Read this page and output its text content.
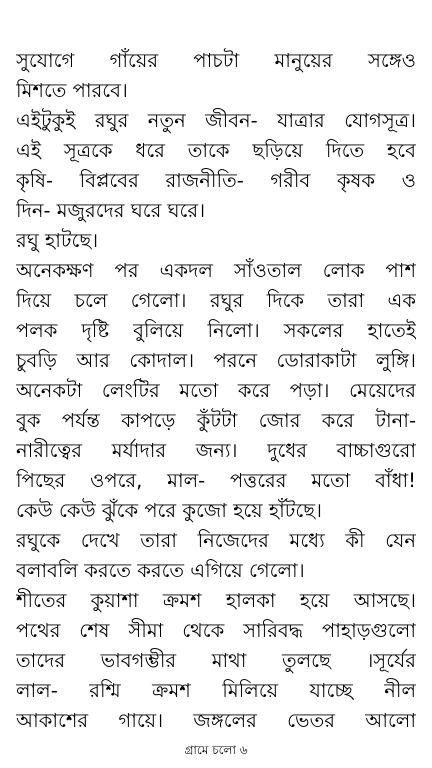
সুযোগে গাঁয়ের পাচটা মানুয়ের সঙ্গেও
মিশতে পারবে।
এইটুকুই রঘুর নতুন জীবন- যাত্রার যোগসূত্র।
এই সূত্রকে ধরে তাকে ছড়িয়ে দিতে হবে
কৃষি- বিপ্লবের রাজনীতি- গরীব কৃষক ও
দিন- মজুরদের ঘরে ঘরে।
রঘু হাটছে।
অনেকক্ষণ পর একদল সাঁওতাল লোক পাশ
দিয়ে চলে গেলো। রঘুর দিকে তারা এক
পলক দৃষ্টি বুলিয়ে নিলো। সকলের হাতেই
চুবড়ি আর কোদাল। পরনে ডোরাকাটা লুঙ্গি।
অনেকটা লেংটির মতো করে পড়া। মেয়েদের
বুক পর্যন্ত কাপড়ে কুঁটটা জোর করে টানা-
নারীত্বের মর্যাদার জন্য। দুধের বাচ্চাগুরো
পিছের ওপরে, মাল- পত্তরের মতো বাঁধা!
কেউ কেউ ঝুঁকে পরে কুজো হয়ে হাঁটছে।
রঘুকে দেখে তারা নিজেদের মধ্যে কী যেন
বলাবলি করতে করতে এগিয়ে গেলো।
শীতের কুয়াশা ক্রমশ হালকা হয়ে আসছে।
পথের শেষ সীমা থেকে সারিবদ্ধ পাহাড়গুলো
তাদের ভাবগম্ভীর মাথা তুলছে ।সূর্যের
লাল- রশ্মি ক্রমশ মিলিয়ে যাচ্ছে নীল
আকাশের গায়ে। জঙ্গলের ভেতর আলো
গ্রামে চলো ৬
